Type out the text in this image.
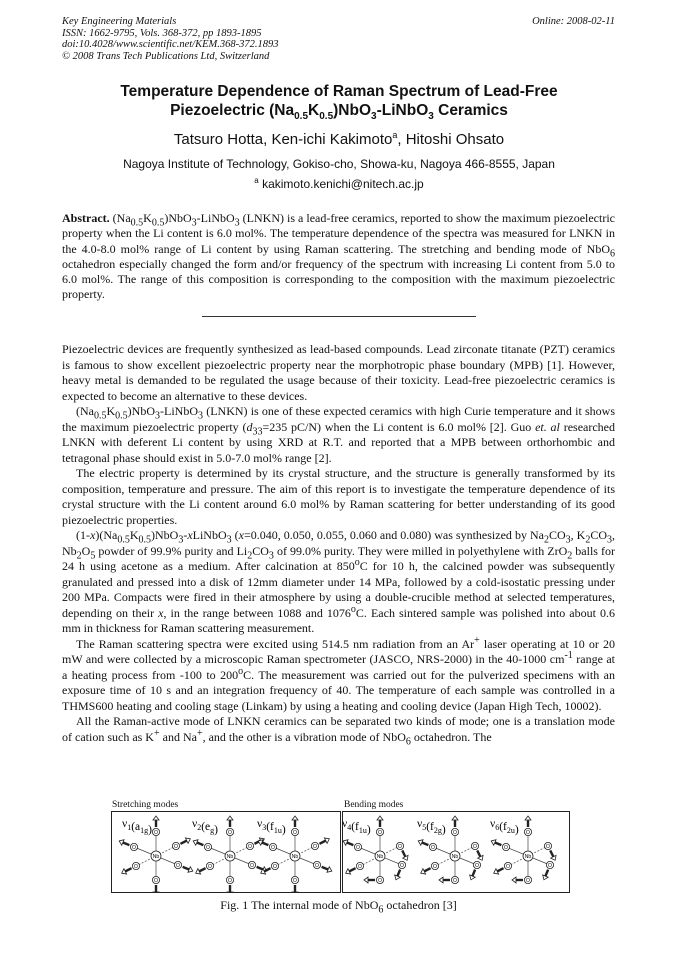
Key Engineering Materials
ISSN: 1662-9795, Vols. 368-372, pp 1893-1895
doi:10.4028/www.scientific.net/KEM.368-372.1893
© 2008 Trans Tech Publications Ltd, Switzerland
Online: 2008-02-11
Temperature Dependence of Raman Spectrum of Lead-Free
Piezoelectric $(Na_{0.5}K_{0.5})NbO_3-LiNbO_3$ Ceramics
Tatsuro Hotta, Ken-ichi Kakimoto$^a$, Hitoshi Ohsato
Nagoya Institute of Technology, Gokiso-cho, Showa-ku, Nagoya 466-8555, Japan
$^a$ kakimoto.kenichi@nitech.ac.jp
Abstract. $(Na_{0.5}K_{0.5})NbO_3-LiNbO_3$ (LNKN) is a lead-free ceramics, reported to show the maximum piezoelectric property when the Li content is 6.0 mol%. The temperature dependence of the spectra was measured for LNKN in the 4.0-8.0 mol% range of Li content by using Raman scattering. The stretching and bending mode of NbO$_6$ octahedron especially changed the form and/or frequency of the spectrum with increasing Li content from 5.0 to 6.0 mol%. The range of this composition is corresponding to the composition with the maximum piezoelectric property.

Piezoelectric devices are frequently synthesized as lead-based compounds. Lead zirconate titanate (PZT) ceramics is famous to show excellent piezoelectric property near the morphotropic phase boundary (MPB) [1]. However, heavy metal is demanded to be regulated the usage because of their toxicity. Lead-free piezoelectric ceramics is expected to become an alternative to these devices.

$(Na_{0.5}K_{0.5})NbO_3-LiNbO_3$ (LNKN) is one of these expected ceramics with high Curie temperature and it shows the maximum piezoelectric property ($d_{33}=235$ pC/N) when the Li content is 6.0 mol% [2]. Guo et. al researched LNKN with deferent Li content by using XRD at R.T. and reported that a MPB between orthorhombic and tetragonal phase should exist in 5.0-7.0 mol% range [2].

The electric property is determined by its crystal structure, and the structure is generally transformed by its composition, temperature and pressure. The aim of this report is to investigate the temperature dependence of its crystal structure with the Li content around 6.0 mol% by Raman scattering for better understanding of its good piezoelectric properties.

$(1-x)(Na_{0.5}K_{0.5})NbO_3-xLiNbO_3$ (x=0.040, 0.050, 0.055, 0.060 and 0.080) was synthesized by $Na_2CO_3$, $K_2CO_3$, $Nb_2O_5$ powder of 99.9% purity and $Li_2CO_3$ of 99.0% purity. They were milled in polyethylene with ZrO$_2$ balls for 24 h using acetone as a medium. After calcination at 850$^o$C for 10 h, the calcined powder was subsequently granulated and pressed into a disk of 12mm diameter under 14 MPa, followed by a cold-isostatic pressing under 200 MPa. Compacts were fired in their atmosphere by using a double-crucible method at selected temperatures, depending on their x, in the range between 1088 and 1076$^o$C. Each sintered sample was polished into about 0.6 mm in thickness for Raman scattering measurement.

The Raman scattering spectra were excited using 514.5 nm radiation from an Ar+ laser operating at 10 or 20 mW and were collected by a microscopic Raman spectrometer (JASCO, NRS-2000) in the 40-1000 $cm^{-1}$ range at a heating process from -100 to 200$^o$C. The measurement was carried out for the pulverized specimens with an exposure time of 10 s and an integration frequency of 40. The temperature of each sample was controlled in a THMS600 heating and cooling stage (Linkam) by using a heating and cooling device (Japan High Tech, 10002).

All the Raman-active mode of LNKN ceramics can be separated two kinds of mode; one is a translation mode of cation such as K+ and Na+, and the other is a vibration mode of NbO$_6$ octahedron. The

Stretching modes	Bending modes
$\nu_1(a_{1g})$
Nb
O
O
O
O
O
O
$\nu_2(e_g)$
Nb
O
O
O
O
O
O
$\nu_3(f_{1u})$
Nb
O
O
O
O
O
O
$\nu_4(f_{1u})$
Nb
O
O
O
O
O
O
$\nu_5(f_{2g})$
Nb
O
O
O
O
O
O
$\nu_6(f_{2u})$
Nb
O
O
O
O
O
O
Fig. 1 The internal mode of NbO$_6$ octahedron [3]
